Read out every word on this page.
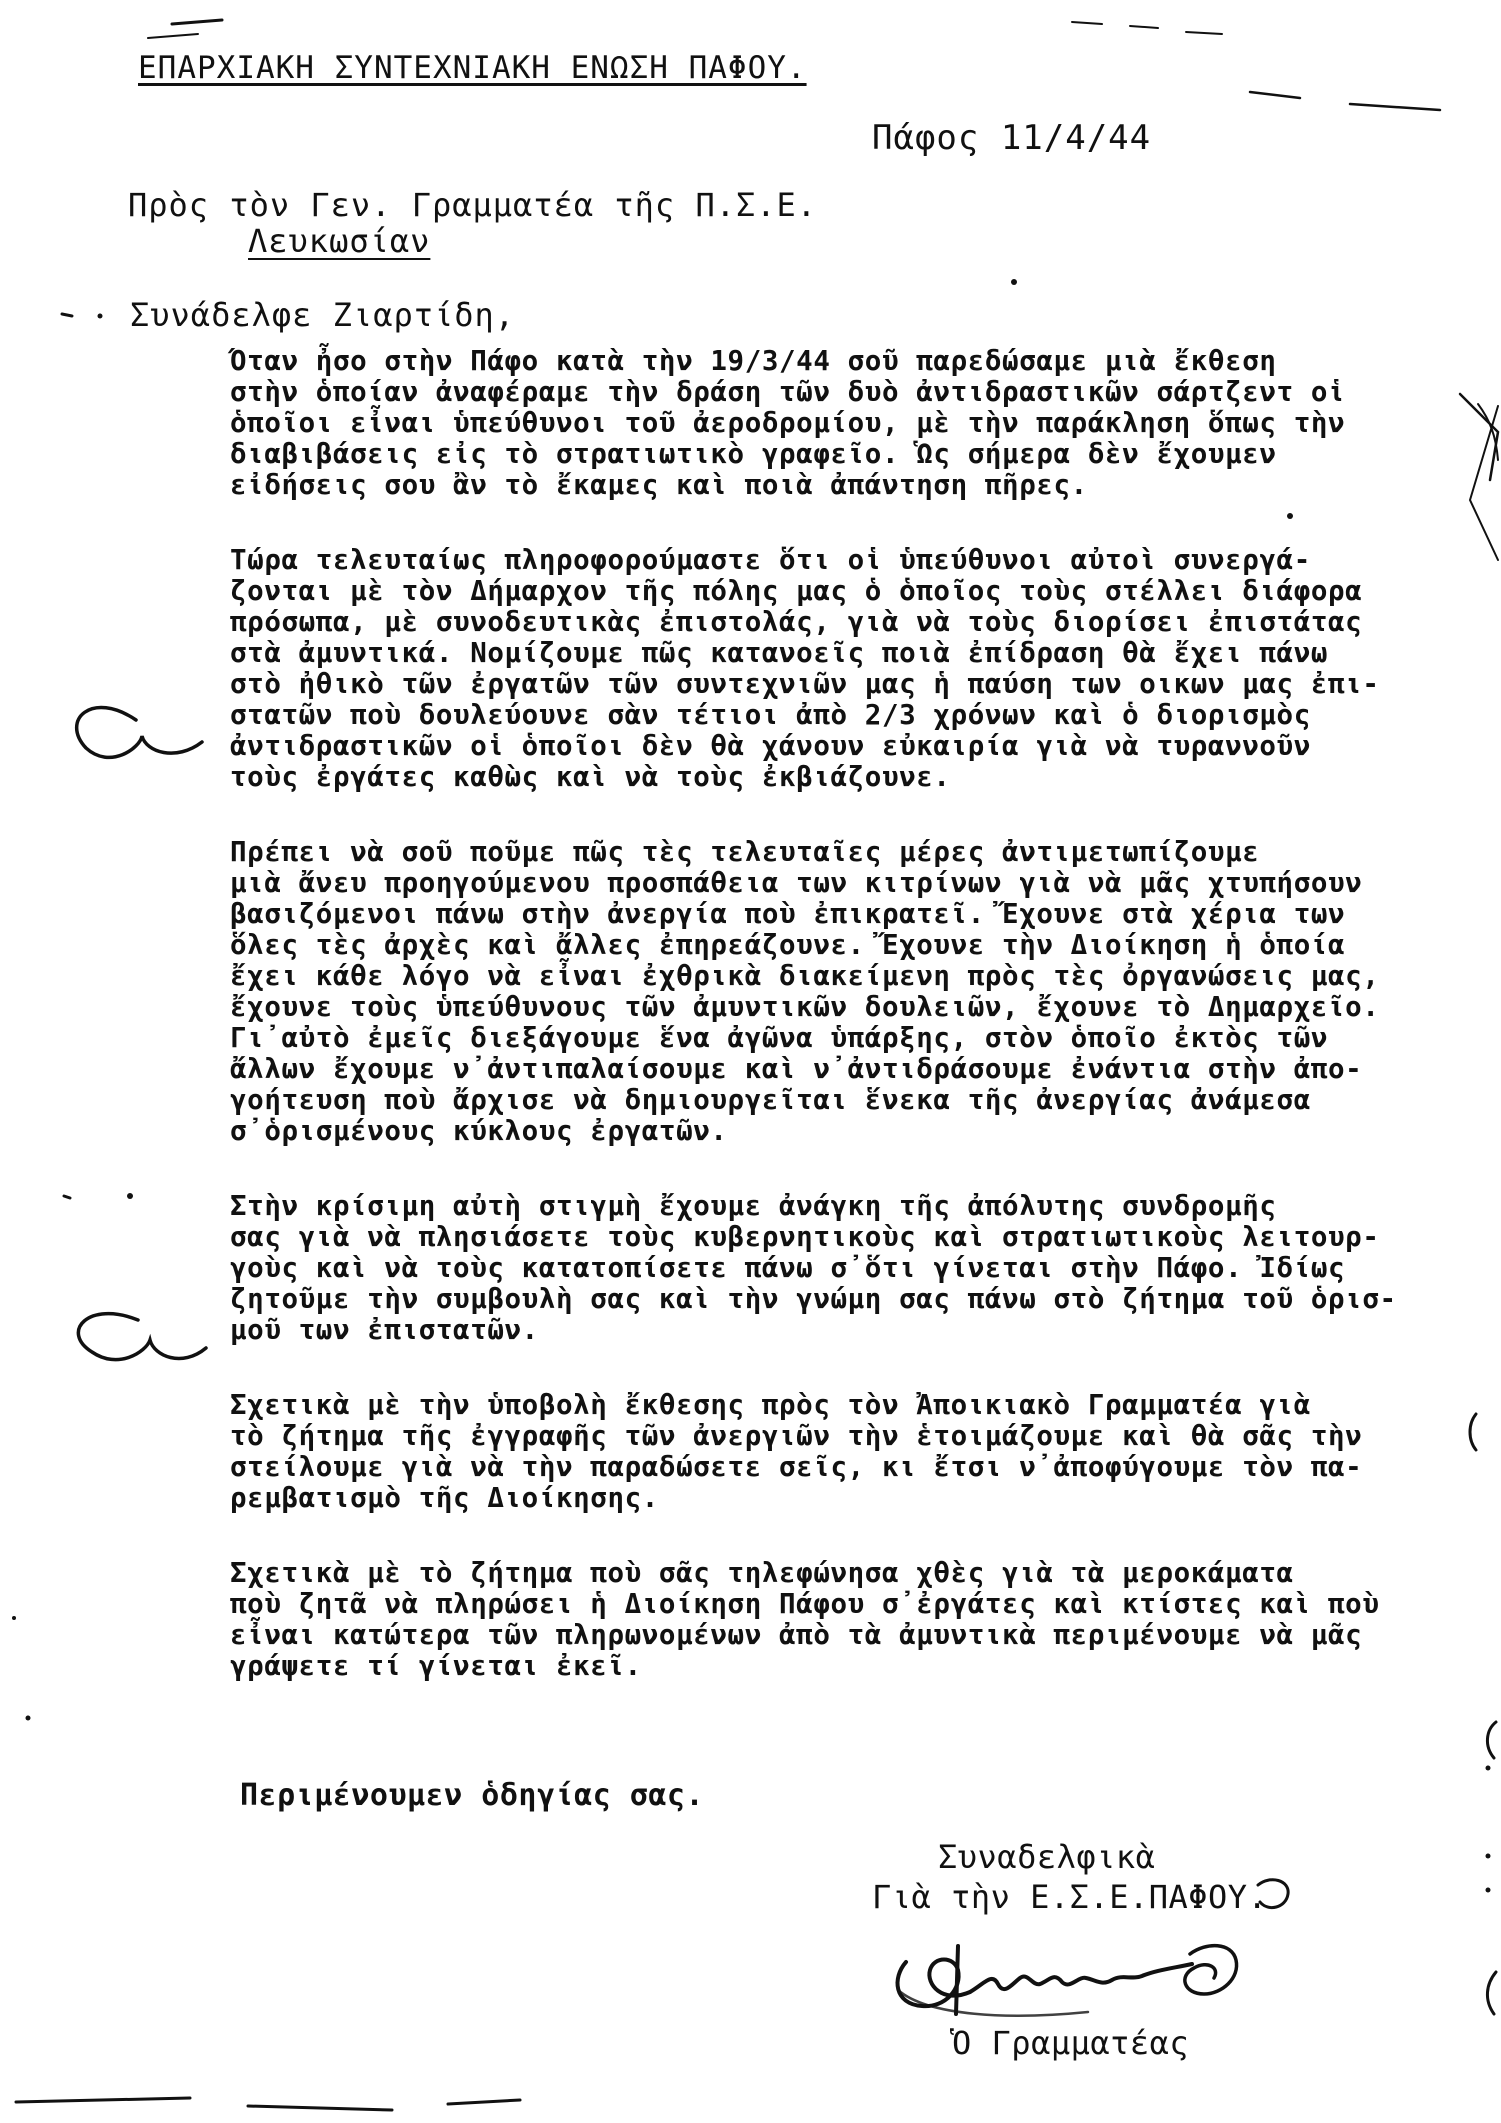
ΕΠΑΡΧΙΑΚΗ ΣΥΝΤΕΧΝΙΑΚΗ ΕΝΩΣΗ ΠΑΦΟΥ.
Πάφος 11/4/44
Πρὸς τὸν Γεν. Γραμματέα τῆς Π.Σ.Ε.
Λευκωσίαν
Συνάδελφε Ζιαρτίδη,

Όταν ἦσο στὴν Πάφο κατὰ τὴν 19/3/44 σοῦ παρεδώσαμε μιὰ ἔκθεση
στὴν ὁποίαν ἀναφέραμε τὴν δράση τῶν δυὸ ἀντιδραστικῶν σάρτζεντ οἱ
ὁποῖοι εἶναι ὑπεύθυνοι τοῦ ἀεροδρομίου, μὲ τὴν παράκληση ὅπως τὴν
διαβιβάσεις εἰς τὸ στρατιωτικὸ γραφεῖο. Ὡς σήμερα δὲν ἔχουμεν
εἰδήσεις σου ἂν τὸ ἔκαμες καὶ ποιὰ ἀπάντηση πῆρες.

Τώρα τελευταίως πληροφορούμαστε ὅτι οἱ ὑπεύθυνοι αὐτοὶ συνεργά-
ζονται μὲ τὸν Δήμαρχον τῆς πόλης μας ὁ ὁποῖος τοὺς στέλλει διάφορα
πρόσωπα, μὲ συνοδευτικὰς ἐπιστολάς, γιὰ νὰ τοὺς διορίσει ἐπιστάτας
στὰ ἀμυντικά. Νομίζουμε πῶς κατανοεῖς ποιὰ ἐπίδραση θὰ ἔχει πάνω
στὸ ἠθικὸ τῶν ἐργατῶν τῶν συντεχνιῶν μας ἡ παύση των οικων μας ἐπι-
στατῶν ποὺ δουλεύουνε σὰν τέτιοι ἀπὸ 2/3 χρόνων καὶ ὁ διορισμὸς
ἀντιδραστικῶν οἱ ὁποῖοι δὲν θὰ χάνουν εὐκαιρία γιὰ νὰ τυραννοῦν
τοὺς ἐργάτες καθὼς καὶ νὰ τοὺς ἐκβιάζουνε.

Πρέπει νὰ σοῦ ποῦμε πῶς τὲς τελευταῖες μέρες ἀντιμετωπίζουμε
μιὰ ἄνευ προηγούμενου προσπάθεια των κιτρίνων γιὰ νὰ μᾶς χτυπήσουν
βασιζόμενοι πάνω στὴν ἀνεργία ποὺ ἐπικρατεῖ. Ἔχουνε στὰ χέρια των
ὅλες τὲς ἀρχὲς καὶ ἄλλες ἐπηρεάζουνε. Ἔχουνε τὴν Διοίκηση ἡ ὁποία
ἔχει κάθε λόγο νὰ εἶναι ἐχθρικὰ διακείμενη πρὸς τὲς ὀργανώσεις μας,
ἔχουνε τοὺς ὑπεύθυνους τῶν ἀμυντικῶν δουλειῶν, ἔχουνε τὸ Δημαρχεῖο.
Γι᾽αὐτὸ ἐμεῖς διεξάγουμε ἕνα ἀγῶνα ὑπάρξης, στὸν ὁποῖο ἐκτὸς τῶν
ἄλλων ἔχουμε ν᾽ἀντιπαλαίσουμε καὶ ν᾽ἀντιδράσουμε ἐνάντια στὴν ἀπο-
γοήτευση ποὺ ἄρχισε νὰ δημιουργεῖται ἕνεκα τῆς ἀνεργίας ἀνάμεσα
σ᾽ὁρισμένους κύκλους ἐργατῶν.

Στὴν κρίσιμη αὐτὴ στιγμὴ ἔχουμε ἀνάγκη τῆς ἀπόλυτης συνδρομῆς
σας γιὰ νὰ πλησιάσετε τοὺς κυβερνητικοὺς καὶ στρατιωτικοὺς λειτουρ-
γοὺς καὶ νὰ τοὺς κατατοπίσετε πάνω σ᾽ὅτι γίνεται στὴν Πάφο. Ἰδίως
ζητοῦμε τὴν συμβουλὴ σας καὶ τὴν γνώμη σας πάνω στὸ ζήτημα τοῦ ὁρισ-
μοῦ των ἐπιστατῶν.

Σχετικὰ μὲ τὴν ὑποβολὴ ἔκθεσης πρὸς τὸν Ἀποικιακὸ Γραμματέα γιὰ
τὸ ζήτημα τῆς ἐγγραφῆς τῶν ἀνεργιῶν τὴν ἑτοιμάζουμε καὶ θὰ σᾶς τὴν
στείλουμε γιὰ νὰ τὴν παραδώσετε σεῖς, κι ἔτσι ν᾽ἀποφύγουμε τὸν πα-
ρεμβατισμὸ τῆς Διοίκησης.

Σχετικὰ μὲ τὸ ζήτημα ποὺ σᾶς τηλεφώνησα χθὲς γιὰ τὰ μεροκάματα
ποὺ ζητᾶ νὰ πληρώσει ἡ Διοίκηση Πάφου σ᾽ἐργάτες καὶ κτίστες καὶ ποὺ
εἶναι κατώτερα τῶν πληρωνομένων ἀπὸ τὰ ἀμυντικὰ περιμένουμε νὰ μᾶς
γράψετε τί γίνεται ἐκεῖ.

Περιμένουμεν ὁδηγίας σας.
Συναδελφικὰ
Γιὰ τὴν Ε.Σ.Ε.ΠΑΦΟΥ.
Ὁ Γραμματέας
